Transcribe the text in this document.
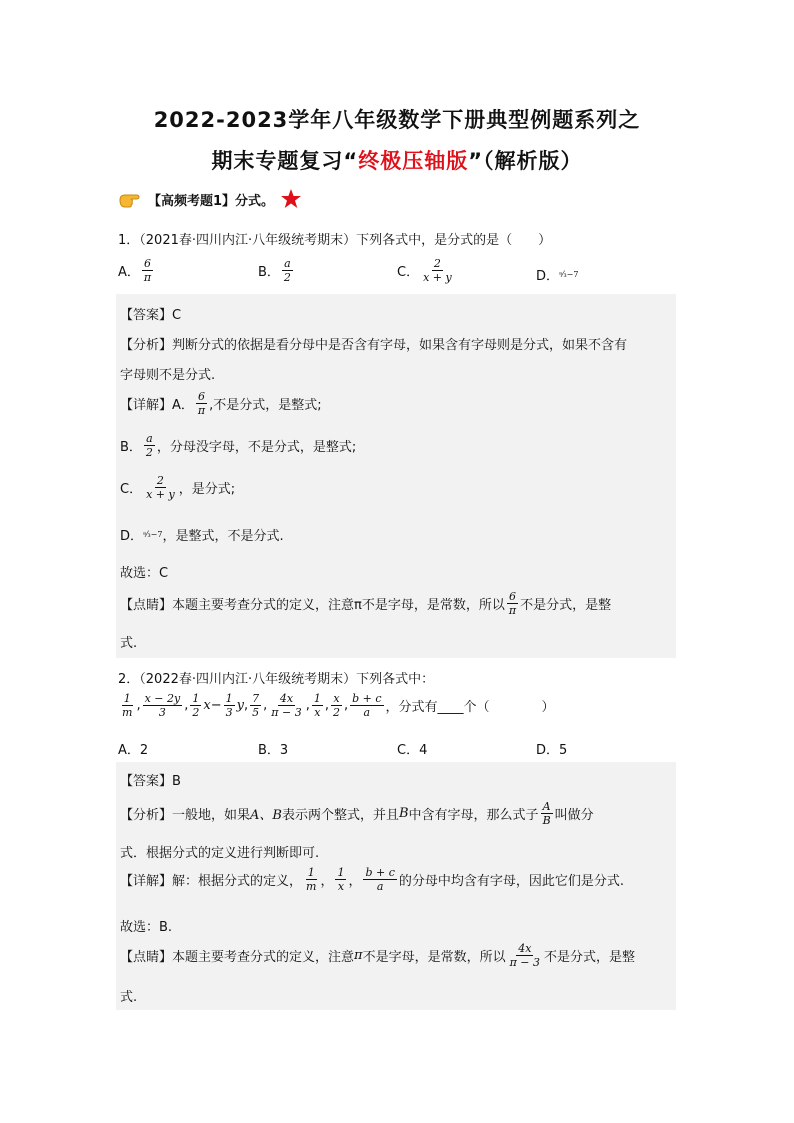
2022-2023学年八年级数学下册典型例题系列之
期末专题复习“终极压轴版”（解析版）
【高频考题1】分式。
1．（2021春·四川内江·八年级统考期末）下列各式中，是分式的是（　　）
A． $\frac{6}{\pi}$	B． $\frac{a}{2}$	C． $\frac{2}{x + y}$	D． ᵃ⁄₃−7
【答案】C
【分析】判断分式的依据是看分母中是否含有字母，如果含有字母则是分式，如果不含有
字母则不是分式.
【详解】A． $\frac{6}{\pi}$ ,不是分式，是整式;
B． $\frac{a}{2}$ ，分母没字母，不是分式，是整式;
C． $\frac{2}{x + y}$ ，是分式;
D． ᵃ⁄₃−7 ，是整式，不是分式.
故选：C
【点睛】本题主要考查分式的定义，注意π不是字母，是常数，所以 $\frac{6}{\pi}$ 不是分式，是整
式.
2．（2022春·四川内江·八年级统考期末）下列各式中：
$\frac{1}{m}$ , $\frac{x - 2y}{3}$ , $\frac{1}{2}$ $x - \frac{1}{3}$ y , $\frac{7}{5}$ , $\frac{4x}{\pi - 3}$ , $\frac{1}{x}$ , $\frac{x}{2}$ , $\frac{b + c}{a}$ ，分式有____个（　　　　）
A．2	B．3	C．4	D．5
【答案】B
【分析】一般地，如果 A、B 表示两个整式，并且 B 中含有字母，那么式子 $\frac{A}{B}$ 叫做分
式．根据分式的定义进行判断即可.
【详解】解：根据分式的定义， $\frac{1}{m}$ ， $\frac{1}{x}$ ， $\frac{b + c}{a}$ 的分母中均含有字母，因此它们是分式.
故选：B.
【点睛】本题主要考查分式的定义，注意 π 不是字母，是常数，所以 $\frac{4x}{\pi - 3}$ 不是分式，是整
式.
